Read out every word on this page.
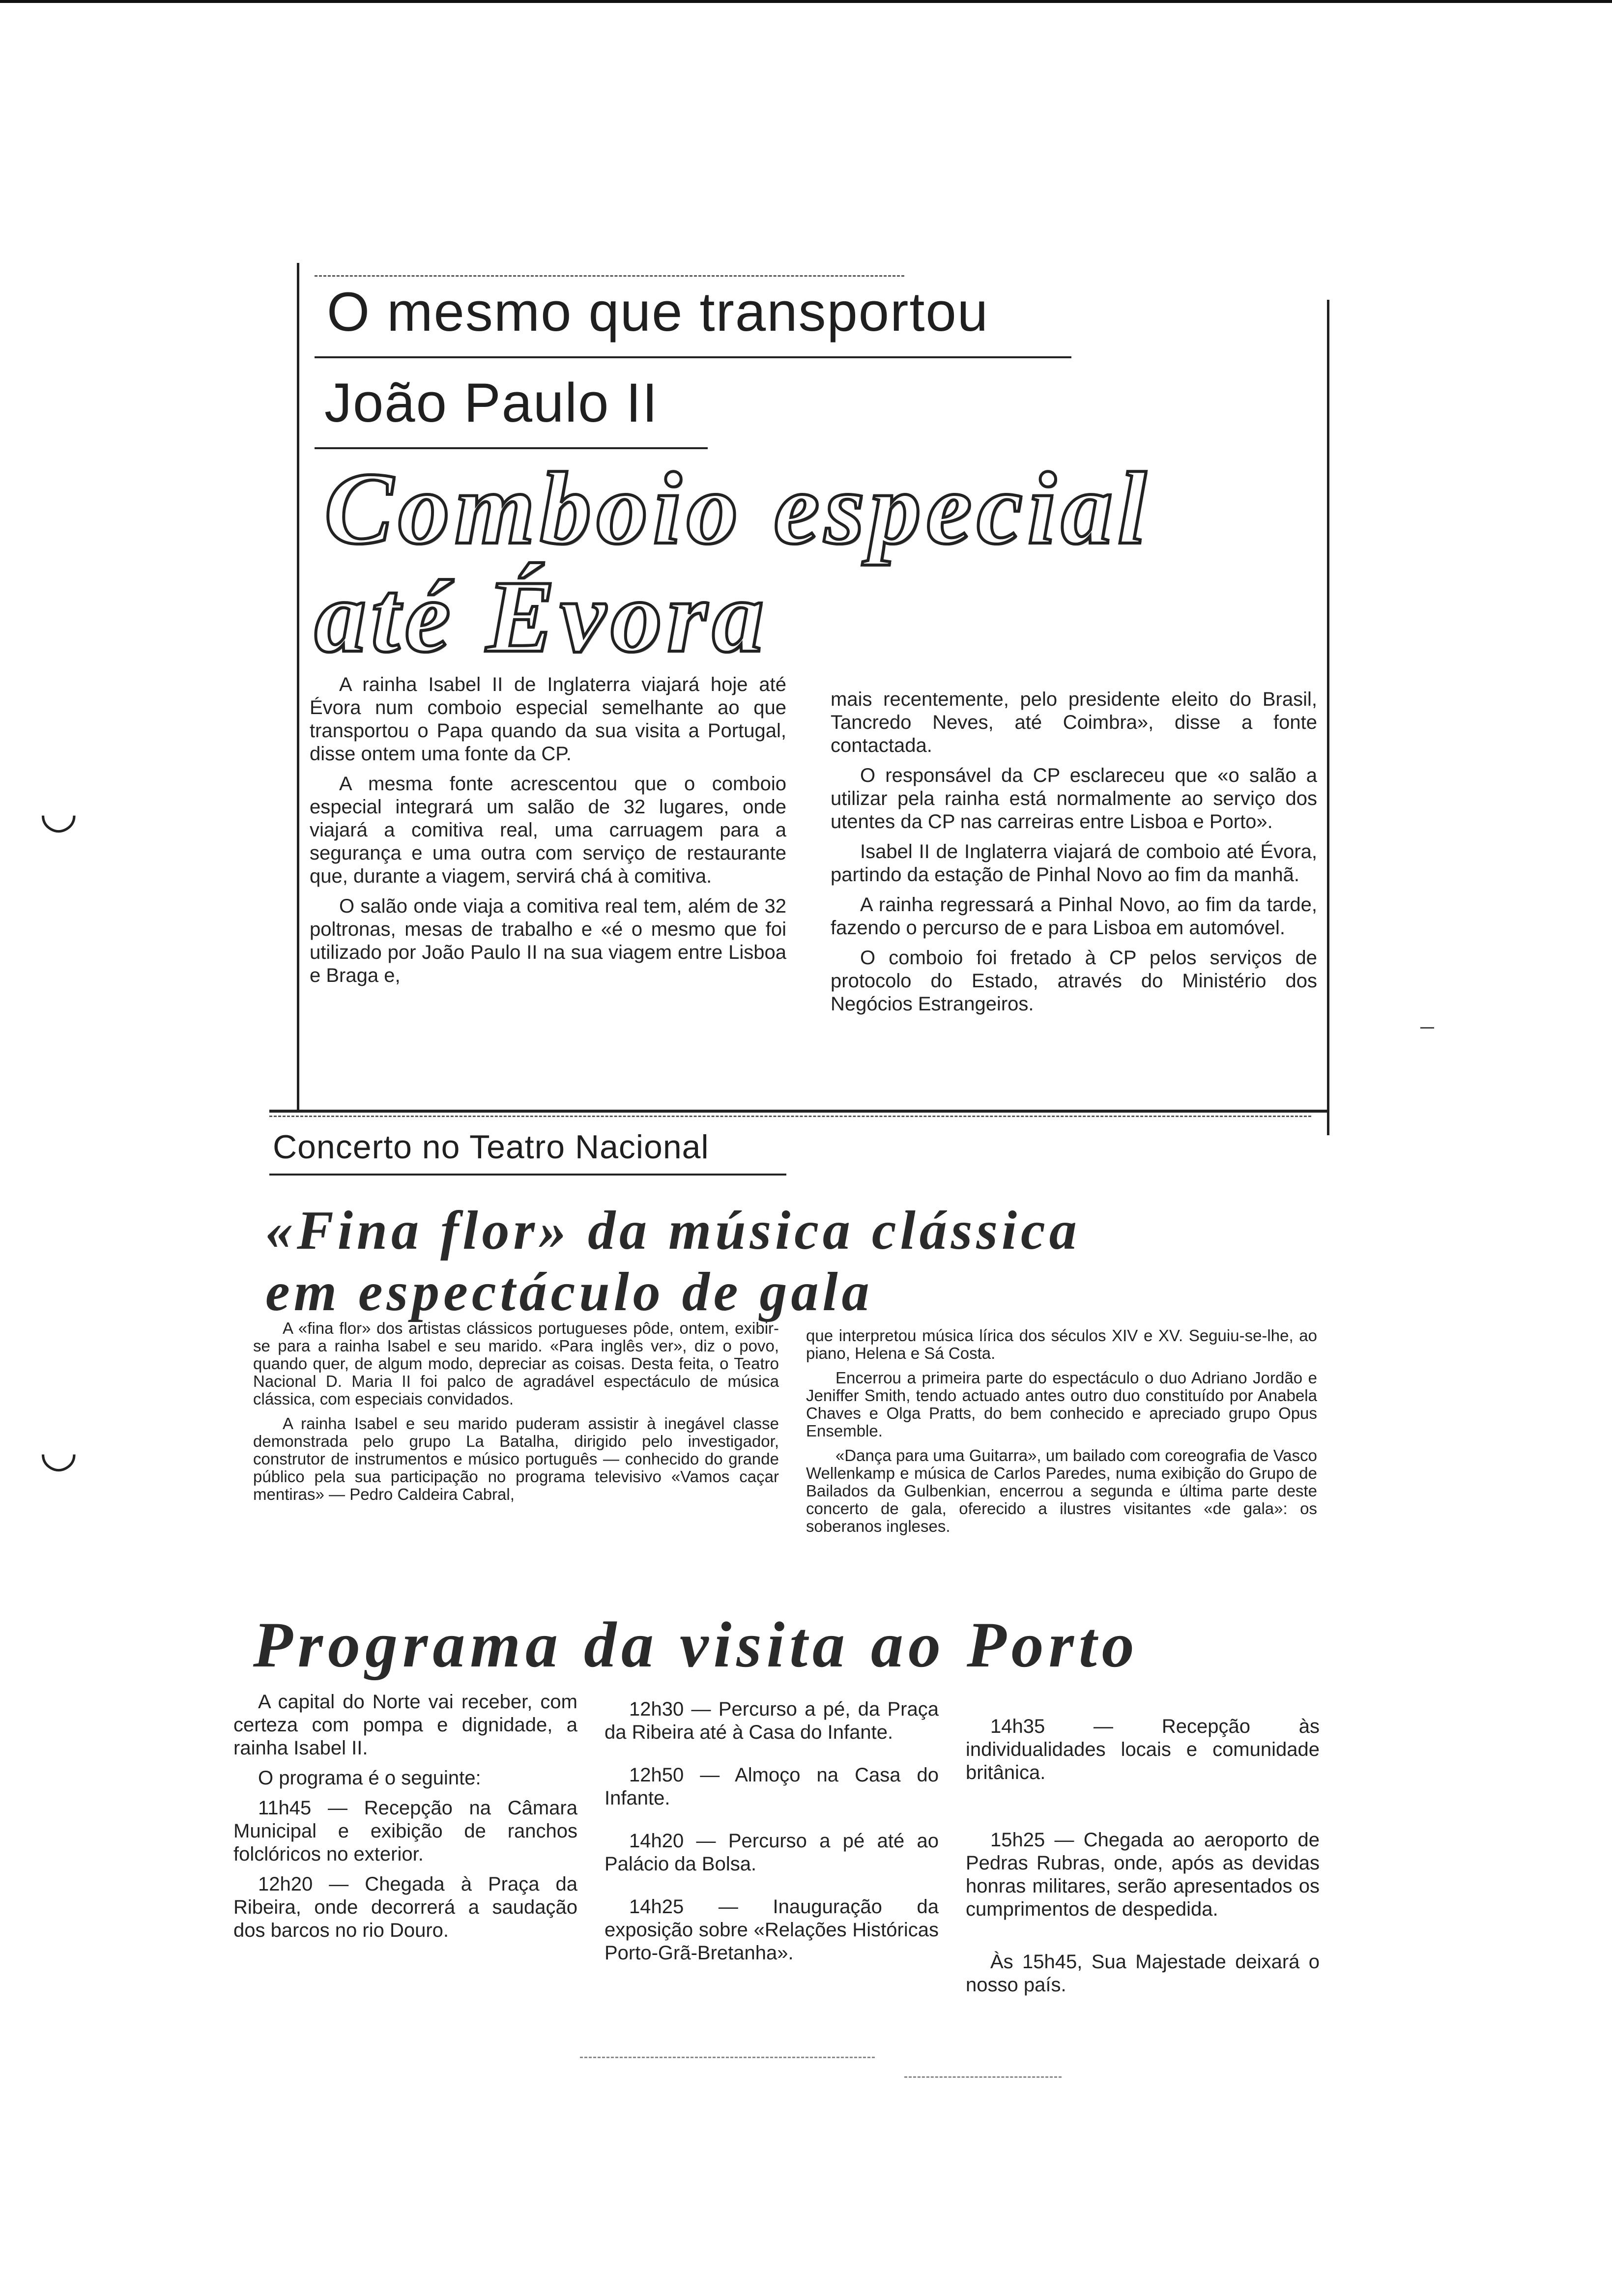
◡
◡
O mesmo que transportou
João Paulo II
Comboio especial
até Évora

A rainha Isabel II de Inglaterra viajará hoje até Évora num comboio especial semelhante ao que transportou o Papa quando da sua visita a Portugal, disse ontem uma fonte da CP.

A mesma fonte acrescentou que o comboio especial integrará um salão de 32 lugares, onde viajará a comitiva real, uma carruagem para a segurança e uma outra com serviço de restaurante que, durante a viagem, servirá chá à comitiva.

O salão onde viaja a comitiva real tem, além de 32 poltronas, mesas de trabalho e «é o mesmo que foi utilizado por João Paulo II na sua viagem entre Lisboa e Braga e,

mais recentemente, pelo presidente eleito do Brasil, Tancredo Neves, até Coimbra», disse a fonte contactada.

O responsável da CP esclareceu que «o salão a utilizar pela rainha está normalmente ao serviço dos utentes da CP nas carreiras entre Lisboa e Porto».

Isabel II de Inglaterra viajará de comboio até Évora, partindo da estação de Pinhal Novo ao fim da manhã.

A rainha regressará a Pinhal Novo, ao fim da tarde, fazendo o percurso de e para Lisboa em automóvel.

O comboio foi fretado à CP pelos serviços de protocolo do Estado, através do Ministério dos Negócios Estrangeiros.

Concerto no Teatro Nacional
«Fina flor» da música clássica
em espectáculo de gala

A «fina flor» dos artistas clássicos portugueses pôde, ontem, exibir-se para a rainha Isabel e seu marido. «Para inglês ver», diz o povo, quando quer, de algum modo, depreciar as coisas. Desta feita, o Teatro Nacional D. Maria II foi palco de agradável espectáculo de música clássica, com especiais convidados.

A rainha Isabel e seu marido puderam assistir à inegável classe demonstrada pelo grupo La Batalha, dirigido pelo investigador, construtor de instrumentos e músico português — conhecido do grande público pela sua participação no programa televisivo «Vamos caçar mentiras» — Pedro Caldeira Cabral,

que interpretou música lírica dos séculos XIV e XV. Seguiu-se-lhe, ao piano, Helena e Sá Costa.

Encerrou a primeira parte do espectáculo o duo Adriano Jordão e Jeniffer Smith, tendo actuado antes outro duo constituído por Anabela Chaves e Olga Pratts, do bem conhecido e apreciado grupo Opus Ensemble.

«Dança para uma Guitarra», um bailado com coreografia de Vasco Wellenkamp e música de Carlos Paredes, numa exibição do Grupo de Bailados da Gulbenkian, encerrou a segunda e última parte deste concerto de gala, oferecido a ilustres visitantes «de gala»: os soberanos ingleses.

Programa da visita ao Porto

A capital do Norte vai receber, com certeza com pompa e dignidade, a rainha Isabel II.

O programa é o seguinte:

11h45 — Recepção na Câmara Municipal e exibição de ranchos folclóricos no exterior.

12h20 — Chegada à Praça da Ribeira, onde decorrerá a saudação dos barcos no rio Douro.

12h30 — Percurso a pé, da Praça da Ribeira até à Casa do Infante.

12h50 — Almoço na Casa do Infante.

14h20 — Percurso a pé até ao Palácio da Bolsa.

14h25 — Inauguração da exposição sobre «Relações Históricas Porto-Grã-Bretanha».

14h35 — Recepção às individualidades locais e comunidade britânica.

15h25 — Chegada ao aeroporto de Pedras Rubras, onde, após as devidas honras militares, serão apresentados os cumprimentos de despedida.

Às 15h45, Sua Majestade deixará o nosso país.
